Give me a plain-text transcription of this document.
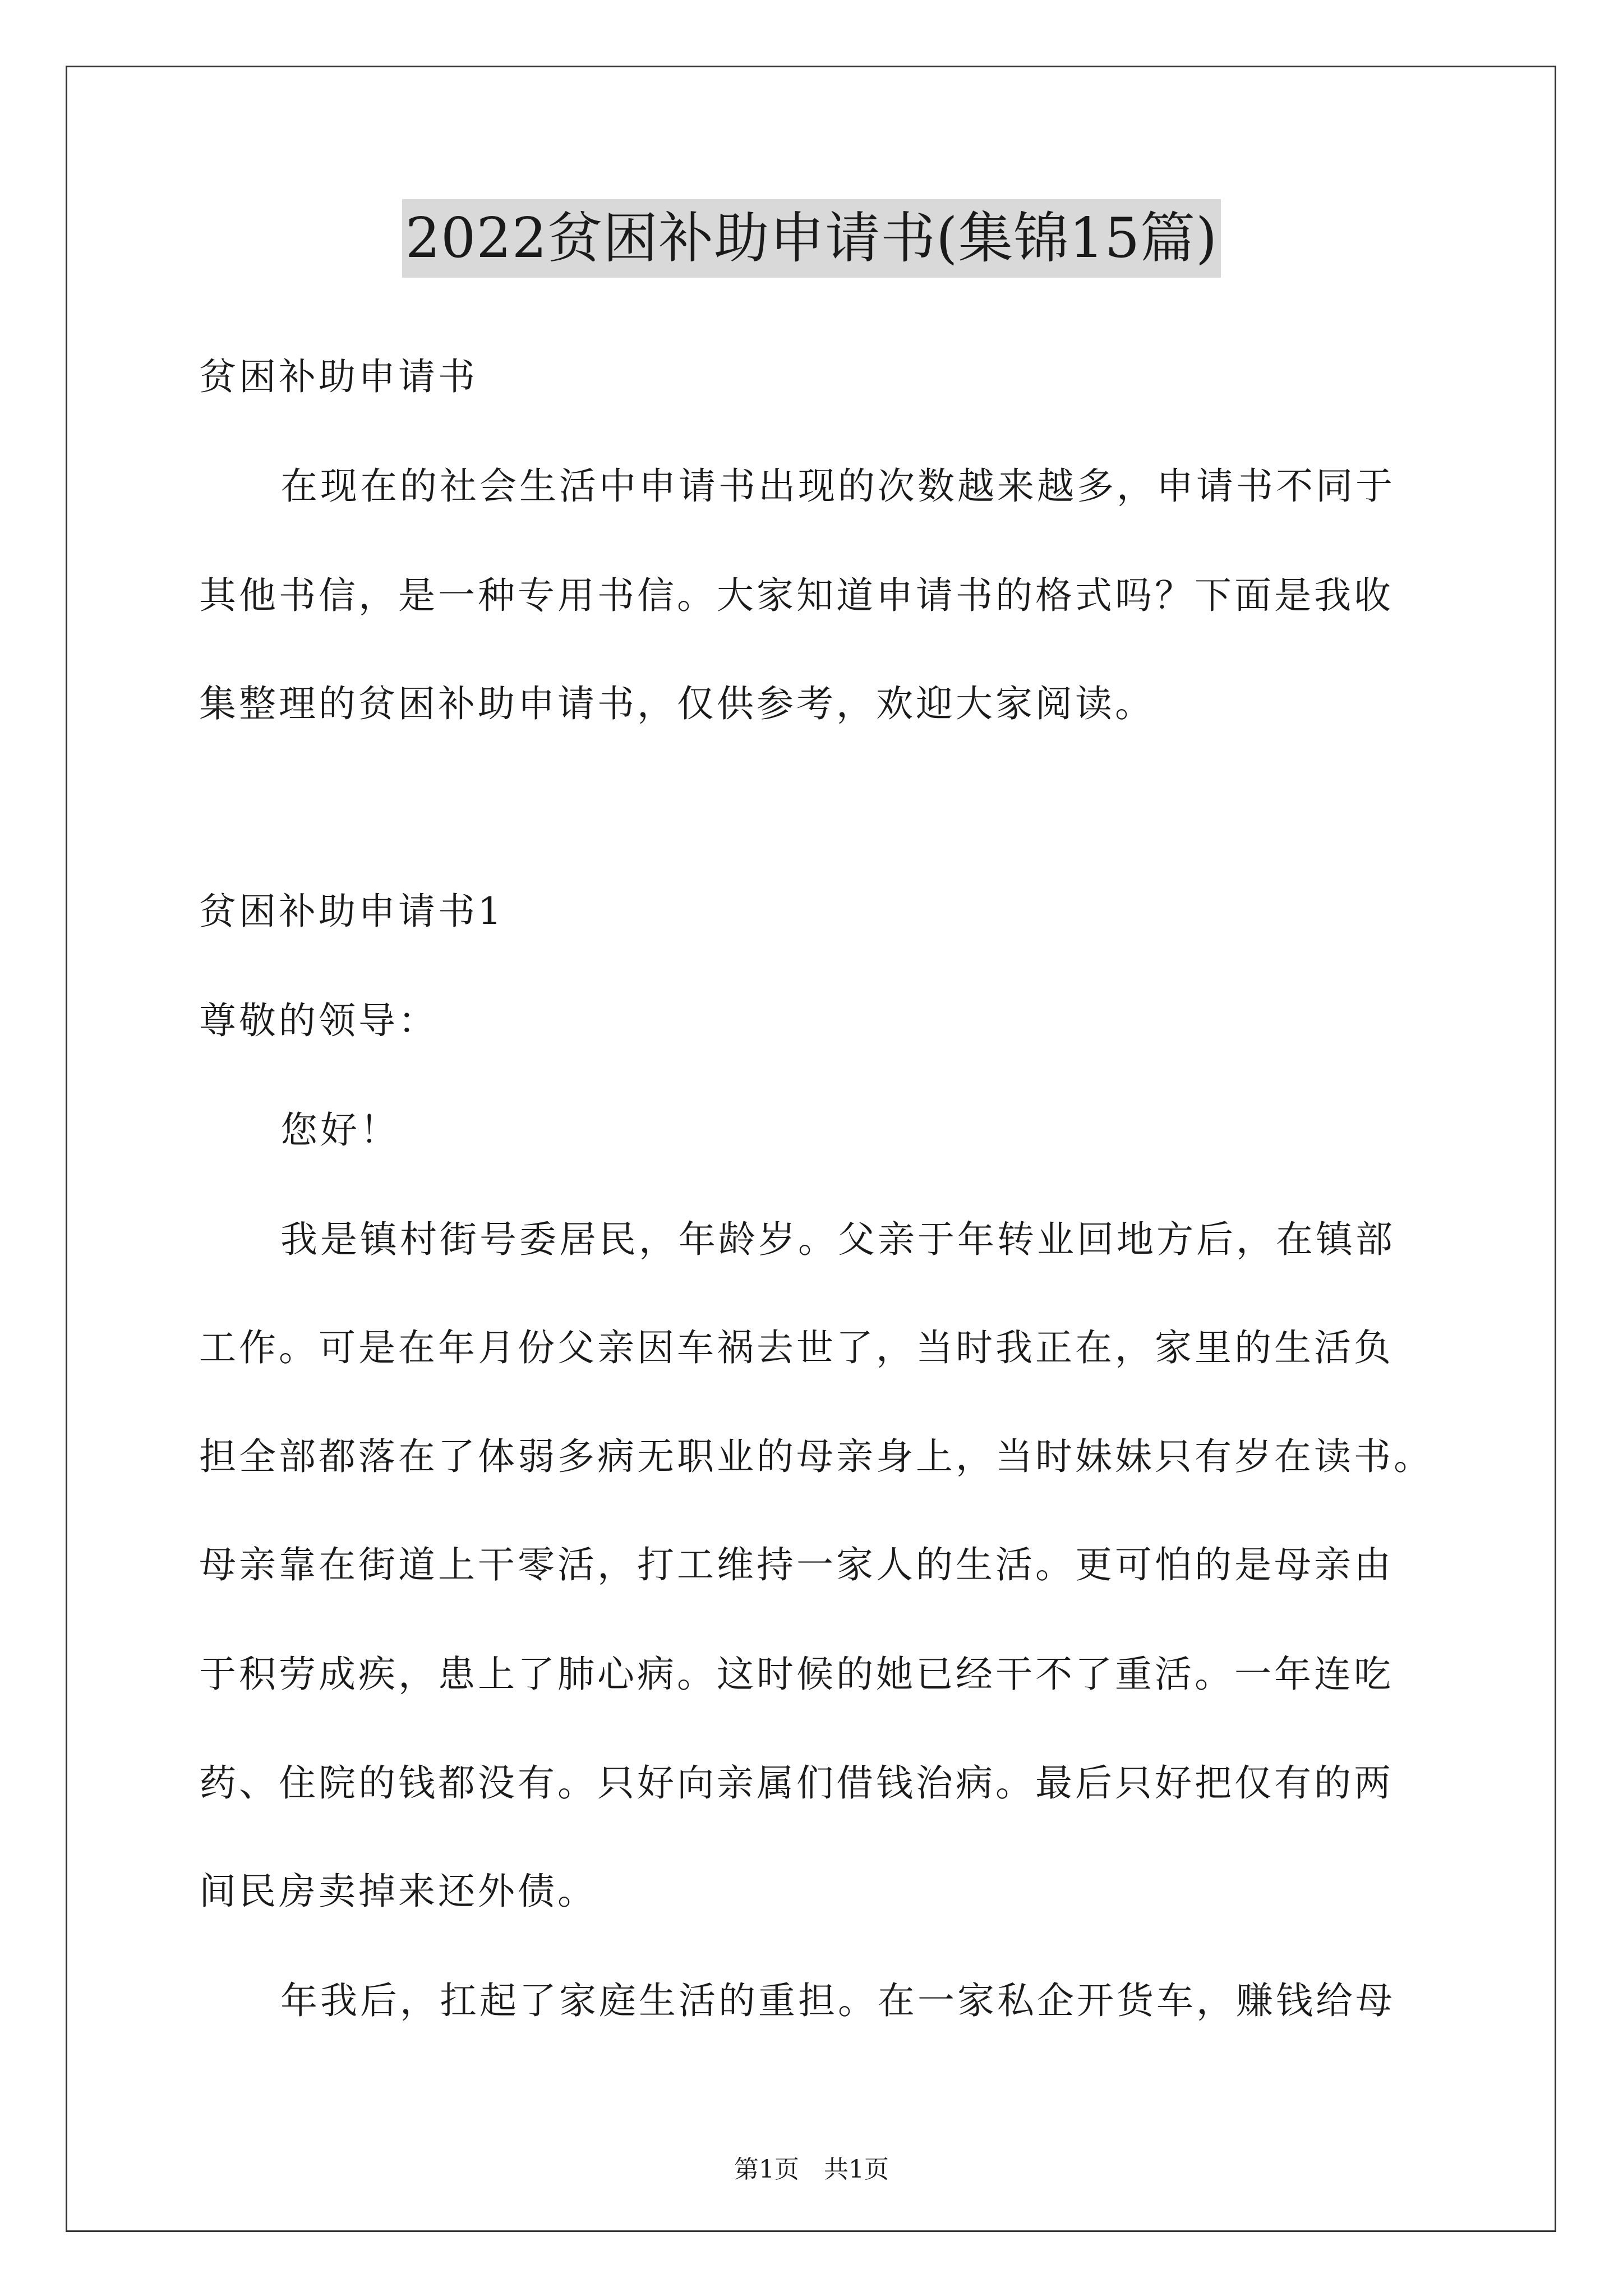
2022贫困补助申请书(集锦15篇)
贫困补助申请书
在现在的社会生活中申请书出现的次数越来越多，申请书不同于
其他书信，是一种专用书信。大家知道申请书的格式吗？下面是我收
集整理的贫困补助申请书，仅供参考，欢迎大家阅读。
贫困补助申请书1
尊敬的领导：
您好！
我是镇村街号委居民，年龄岁。父亲于年转业回地方后，在镇部
工作。可是在年月份父亲因车祸去世了，当时我正在，家里的生活负
担全部都落在了体弱多病无职业的母亲身上，当时妹妹只有岁在读书。
母亲靠在街道上干零活，打工维持一家人的生活。更可怕的是母亲由
于积劳成疾，患上了肺心病。这时候的她已经干不了重活。一年连吃
药、住院的钱都没有。只好向亲属们借钱治病。最后只好把仅有的两
间民房卖掉来还外债。
年我后，扛起了家庭生活的重担。在一家私企开货车，赚钱给母
第1页　共1页
